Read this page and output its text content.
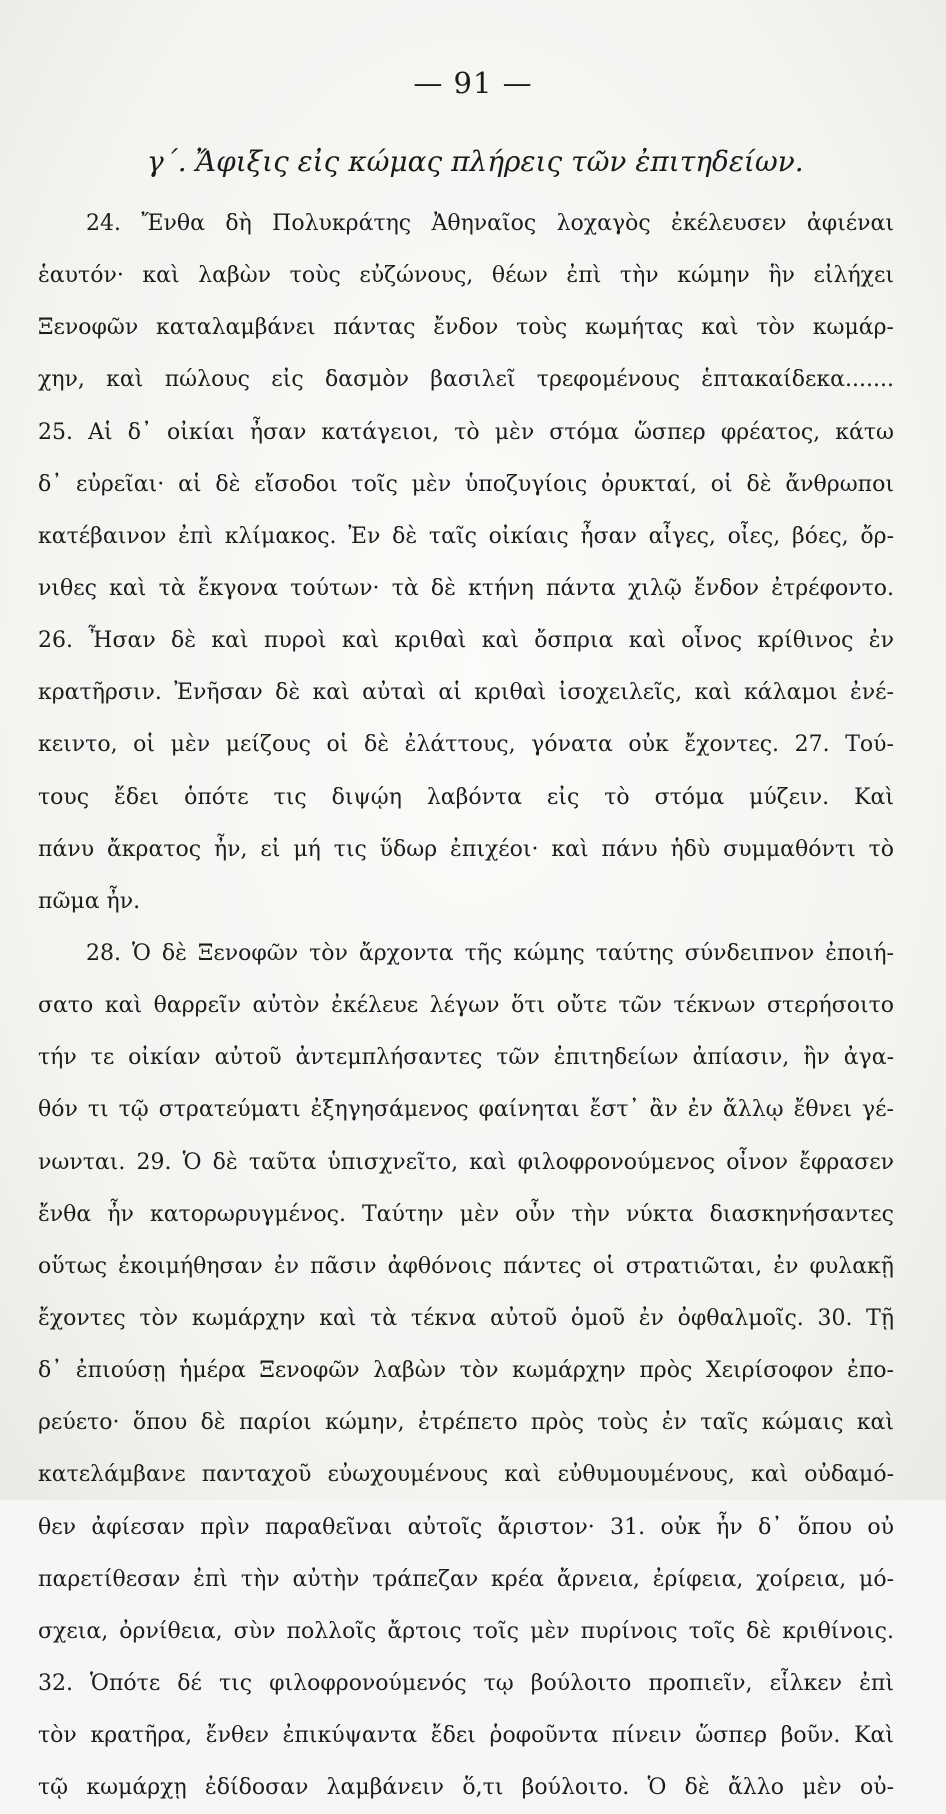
— 91 —
γ΄. Ἄφιξις εἰς κώμας πλήρεις τῶν ἐπιτηδείων.
24. Ἔνθα δὴ Πολυκράτης Ἀθηναῖος λοχαγὸς ἐκέλευσεν ἀφιέναι
ἑαυτόν· καὶ λαβὼν τοὺς εὐζώνους, θέων ἐπὶ τὴν κώμην ἣν εἰλήχει
Ξενοφῶν καταλαμβάνει πάντας ἔνδον τοὺς κωμήτας καὶ τὸν κωμάρ-
χην, καὶ πώλους εἰς δασμὸν βασιλεῖ τρεφομένους ἑπτακαίδεκα.......
25. Αἱ δ᾽ οἰκίαι ἦσαν κατάγειοι, τὸ μὲν στόμα ὥσπερ φρέατος, κάτω
δ᾽ εὐρεῖαι· αἱ δὲ εἴσοδοι τοῖς μὲν ὑποζυγίοις ὀρυκταί, οἱ δὲ ἄνθρωποι
κατέβαινον ἐπὶ κλίμακος. Ἐν δὲ ταῖς οἰκίαις ἦσαν αἶγες, οἶες, βόες, ὄρ-
νιθες καὶ τὰ ἔκγονα τούτων· τὰ δὲ κτήνη πάντα χιλῷ ἔνδον ἐτρέφοντο.
26. Ἦσαν δὲ καὶ πυροὶ καὶ κριθαὶ καὶ ὄσπρια καὶ οἶνος κρίθινος ἐν
κρατῆρσιν. Ἐνῆσαν δὲ καὶ αὐταὶ αἱ κριθαὶ ἰσοχειλεῖς, καὶ κάλαμοι ἐνέ-
κειντο, οἱ μὲν μείζους οἱ δὲ ἐλάττους, γόνατα οὐκ ἔχοντες. 27. Τού-
τους ἔδει ὁπότε τις διψῴη λαβόντα εἰς τὸ στόμα μύζειν. Καὶ
πάνυ ἄκρατος ἦν, εἰ μή τις ὕδωρ ἐπιχέοι· καὶ πάνυ ἡδὺ συμμαθόντι τὸ
πῶμα ἦν.
28. Ὁ δὲ Ξενοφῶν τὸν ἄρχοντα τῆς κώμης ταύτης σύνδειπνον ἐποιή-
σατο καὶ θαρρεῖν αὐτὸν ἐκέλευε λέγων ὅτι οὔτε τῶν τέκνων στερήσοιτο
τήν τε οἰκίαν αὐτοῦ ἀντεμπλήσαντες τῶν ἐπιτηδείων ἀπίασιν, ἢν ἀγα-
θόν τι τῷ στρατεύματι ἐξηγησάμενος φαίνηται ἔστ᾽ ἂν ἐν ἄλλῳ ἔθνει γέ-
νωνται. 29. Ὁ δὲ ταῦτα ὑπισχνεῖτο, καὶ φιλοφρονούμενος οἶνον ἔφρασεν
ἔνθα ἦν κατορωρυγμένος. Ταύτην μὲν οὖν τὴν νύκτα διασκηνήσαντες
οὕτως ἐκοιμήθησαν ἐν πᾶσιν ἀφθόνοις πάντες οἱ στρατιῶται, ἐν φυλακῇ
ἔχοντες τὸν κωμάρχην καὶ τὰ τέκνα αὐτοῦ ὁμοῦ ἐν ὀφθαλμοῖς. 30. Τῇ
δ᾽ ἐπιούσῃ ἡμέρα Ξενοφῶν λαβὼν τὸν κωμάρχην πρὸς Χειρίσοφον ἐπο-
ρεύετο· ὅπου δὲ παρίοι κώμην, ἐτρέπετο πρὸς τοὺς ἐν ταῖς κώμαις καὶ
κατελάμβανε πανταχοῦ εὐωχουμένους καὶ εὐθυμουμένους, καὶ οὐδαμό-
θεν ἀφίεσαν πρὶν παραθεῖναι αὐτοῖς ἄριστον· 31. οὐκ ἦν δ᾽ ὅπου οὐ
παρετίθεσαν ἐπὶ τὴν αὐτὴν τράπεζαν κρέα ἄρνεια, ἐρίφεια, χοίρεια, μό-
σχεια, ὀρνίθεια, σὺν πολλοῖς ἄρτοις τοῖς μὲν πυρίνοις τοῖς δὲ κριθίνοις.
32. Ὁπότε δέ τις φιλοφρονούμενός τῳ βούλοιτο προπιεῖν, εἷλκεν ἐπὶ
τὸν κρατῆρα, ἔνθεν ἐπικύψαντα ἔδει ῥοφοῦντα πίνειν ὥσπερ βοῦν. Καὶ
τῷ κωμάρχῃ ἐδίδοσαν λαμβάνειν ὅ,τι βούλοιτο. Ὁ δὲ ἄλλο μὲν οὐ-
